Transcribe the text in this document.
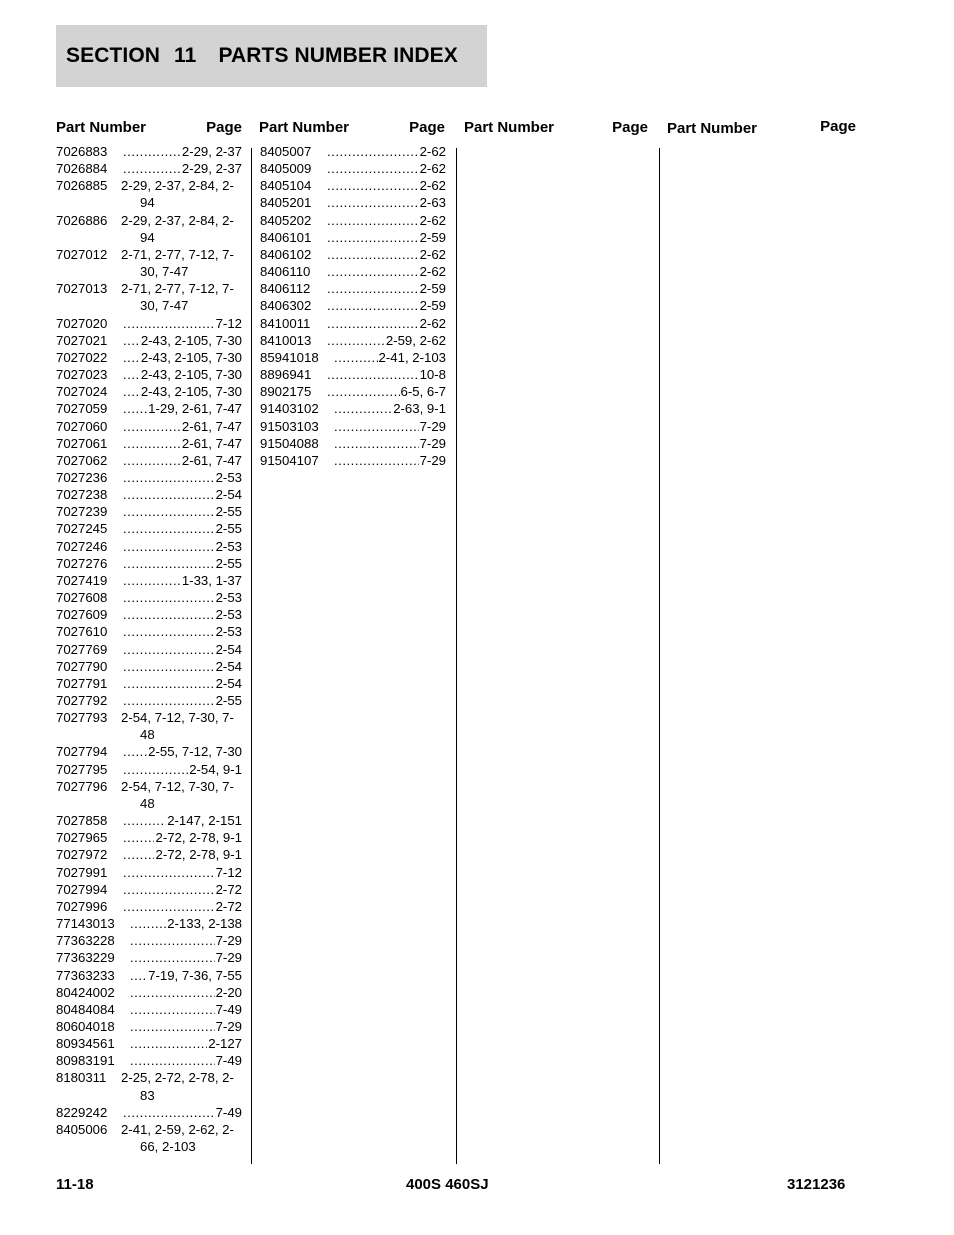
SECTION 11 PARTS NUMBER INDEX
Part Number	Page Part Number	Page Part Number	Page Part Number	Page
7026883 .....	2-29, 2-37
7026884 .....	2-29, 2-37
7026885	2-29, 2-37, 2-84, 2-94
7026886	2-29, 2-37, 2-84, 2-94
7027012	2-71, 2-77, 7-12, 7-30, 7-47
7027013	2-71, 2-77, 7-12, 7-30, 7-47
7027020 .....	7-12
7027021 .....	2-43, 2-105, 7-30
7027022 .....	2-43, 2-105, 7-30
7027023 .....	2-43, 2-105, 7-30
7027024 .....	2-43, 2-105, 7-30
7027059 .....	1-29, 2-61, 7-47
7027060 .....	2-61, 7-47
7027061 .....	2-61, 7-47
7027062 .....	2-61, 7-47
7027236 .....	2-53
7027238 .....	2-54
7027239 .....	2-55
7027245 .....	2-55
7027246 .....	2-53
7027276 .....	2-55
7027419 .....	1-33, 1-37
7027608 .....	2-53
7027609 .....	2-53
7027610 .....	2-53
7027769 .....	2-54
7027790 .....	2-54
7027791 .....	2-54
7027792 .....	2-55
7027793	2-54, 7-12, 7-30, 7-48
7027794 .....	2-55, 7-12, 7-30
7027795 .....	2-54, 9-1
7027796	2-54, 7-12, 7-30, 7-48
7027858 .....	2-147, 2-151
7027965 .....	2-72, 2-78, 9-1
7027972 .....	2-72, 2-78, 9-1
7027991 .....	7-12
7027994 .....	2-72
7027996 .....	2-72
77143013 .....	2-133, 2-138
77363228 .....	7-29
77363229 .....	7-29
77363233 .....	7-19, 7-36, 7-55
80424002 .....	2-20
80484084 .....	7-49
80604018 .....	7-29
80934561 .....	2-127
80983191 .....	7-49
8180311	2-25, 2-72, 2-78, 2-83
8229242 .....	7-49
8405006	2-41, 2-59, 2-62, 2-66, 2-103
8405007 .....	2-62
8405009 .....	2-62
8405104 .....	2-62
8405201 .....	2-63
8405202 .....	2-62
8406101 .....	2-59
8406102 .....	2-62
8406110 .....	2-62
8406112 .....	2-59
8406302 .....	2-59
8410011 .....	2-62
8410013 .....	2-59, 2-62
85941018 .....	2-41, 2-103
8896941 .....	10-8
8902175 .....	6-5, 6-7
91403102 .....	2-63, 9-1
91503103 .....	7-29
91504088 .....	7-29
91504107 .....	7-29
11-18	400S 460SJ	3121236
